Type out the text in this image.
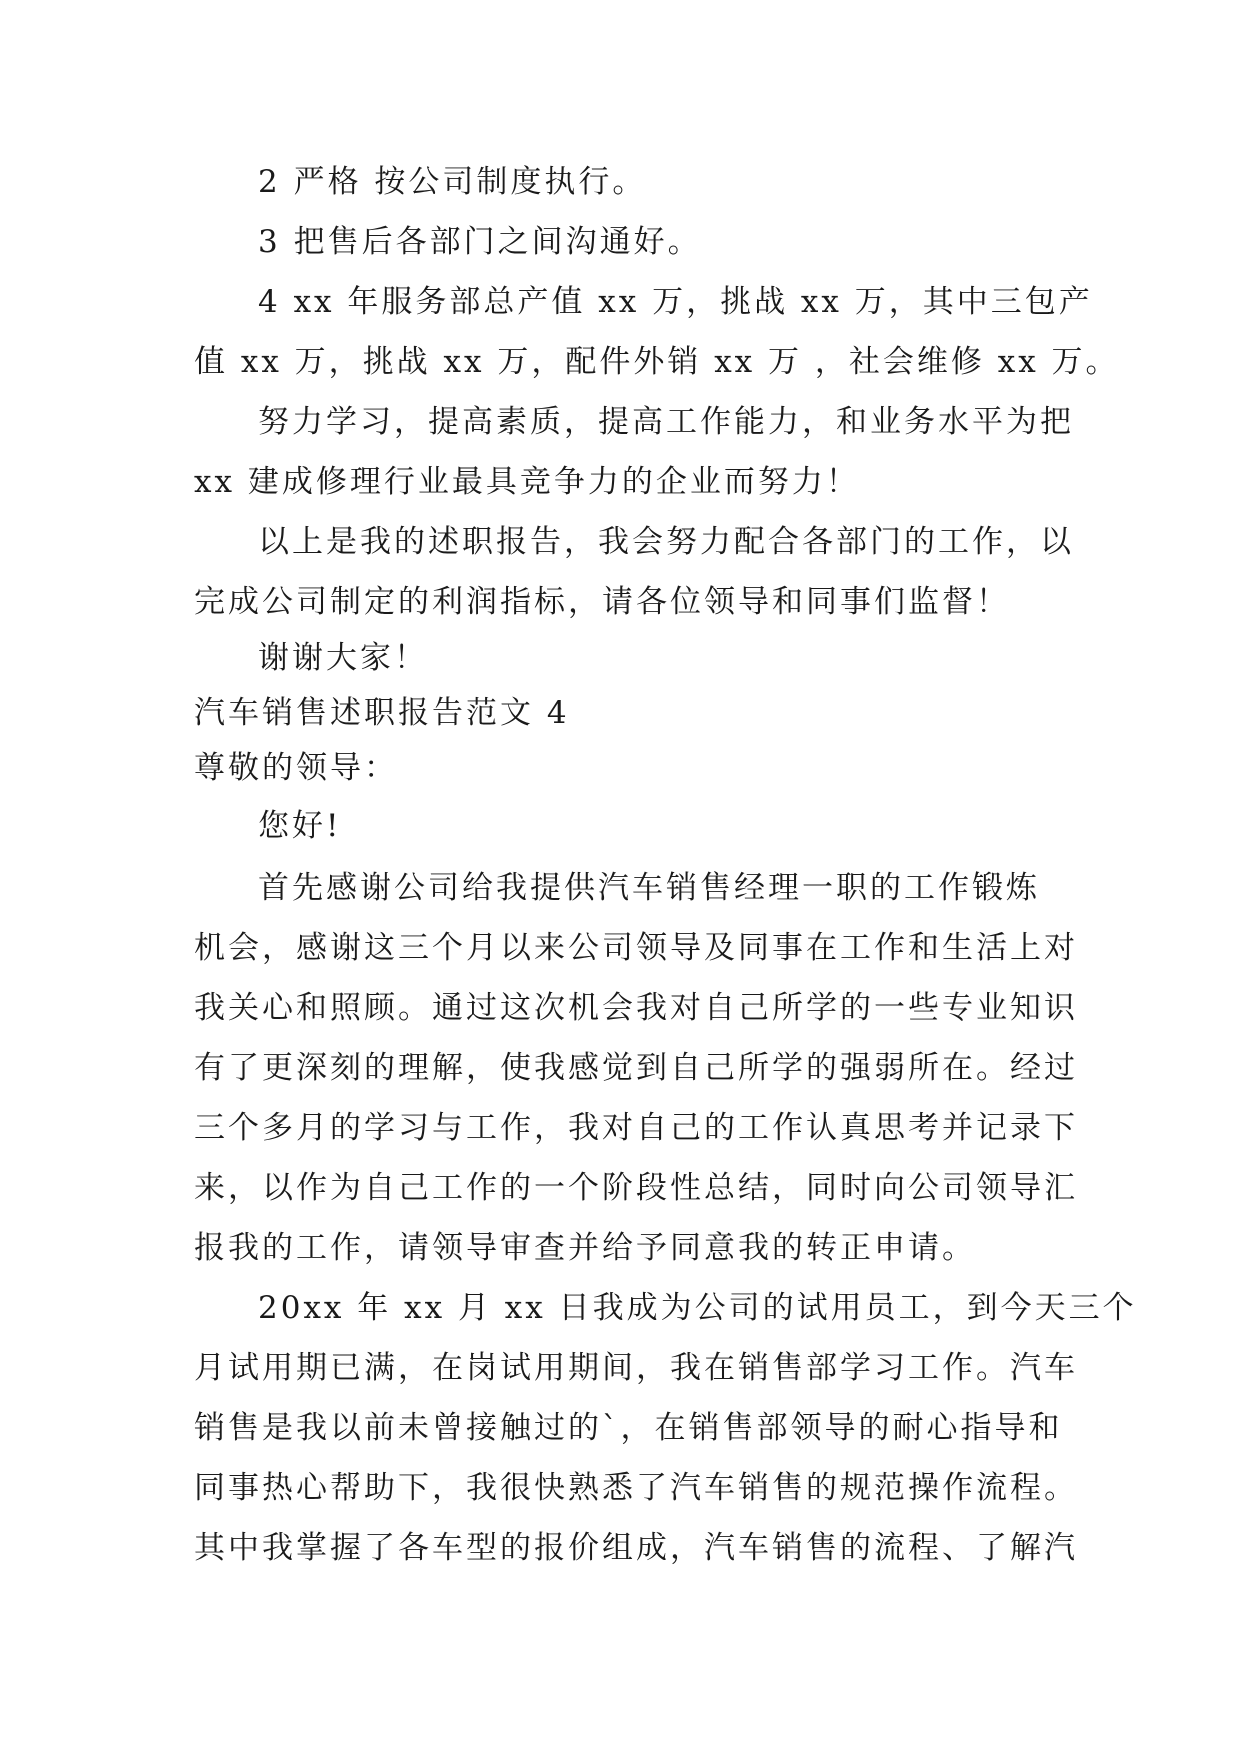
2 严格 按公司制度执行。
3 把售后各部门之间沟通好。
4 xx 年服务部总产值 xx 万，挑战 xx 万，其中三包产
值 xx 万，挑战 xx 万，配件外销 xx 万 ，社会维修 xx 万。
努力学习，提高素质，提高工作能力，和业务水平为把
xx 建成修理行业最具竞争力的企业而努力！
以上是我的述职报告，我会努力配合各部门的工作，以
完成公司制定的利润指标，请各位领导和同事们监督！
谢谢大家！
汽车销售述职报告范文 4
尊敬的领导：
您好!
首先感谢公司给我提供汽车销售经理一职的工作锻炼
机会，感谢这三个月以来公司领导及同事在工作和生活上对
我关心和照顾。通过这次机会我对自己所学的一些专业知识
有了更深刻的理解，使我感觉到自己所学的强弱所在。经过
三个多月的学习与工作，我对自己的工作认真思考并记录下
来，以作为自己工作的一个阶段性总结，同时向公司领导汇
报我的工作，请领导审查并给予同意我的转正申请。
20xx 年 xx 月 xx 日我成为公司的试用员工，到今天三个
月试用期已满，在岗试用期间，我在销售部学习工作。汽车
销售是我以前未曾接触过的`，在销售部领导的耐心指导和
同事热心帮助下，我很快熟悉了汽车销售的规范操作流程。
其中我掌握了各车型的报价组成，汽车销售的流程、了解汽
